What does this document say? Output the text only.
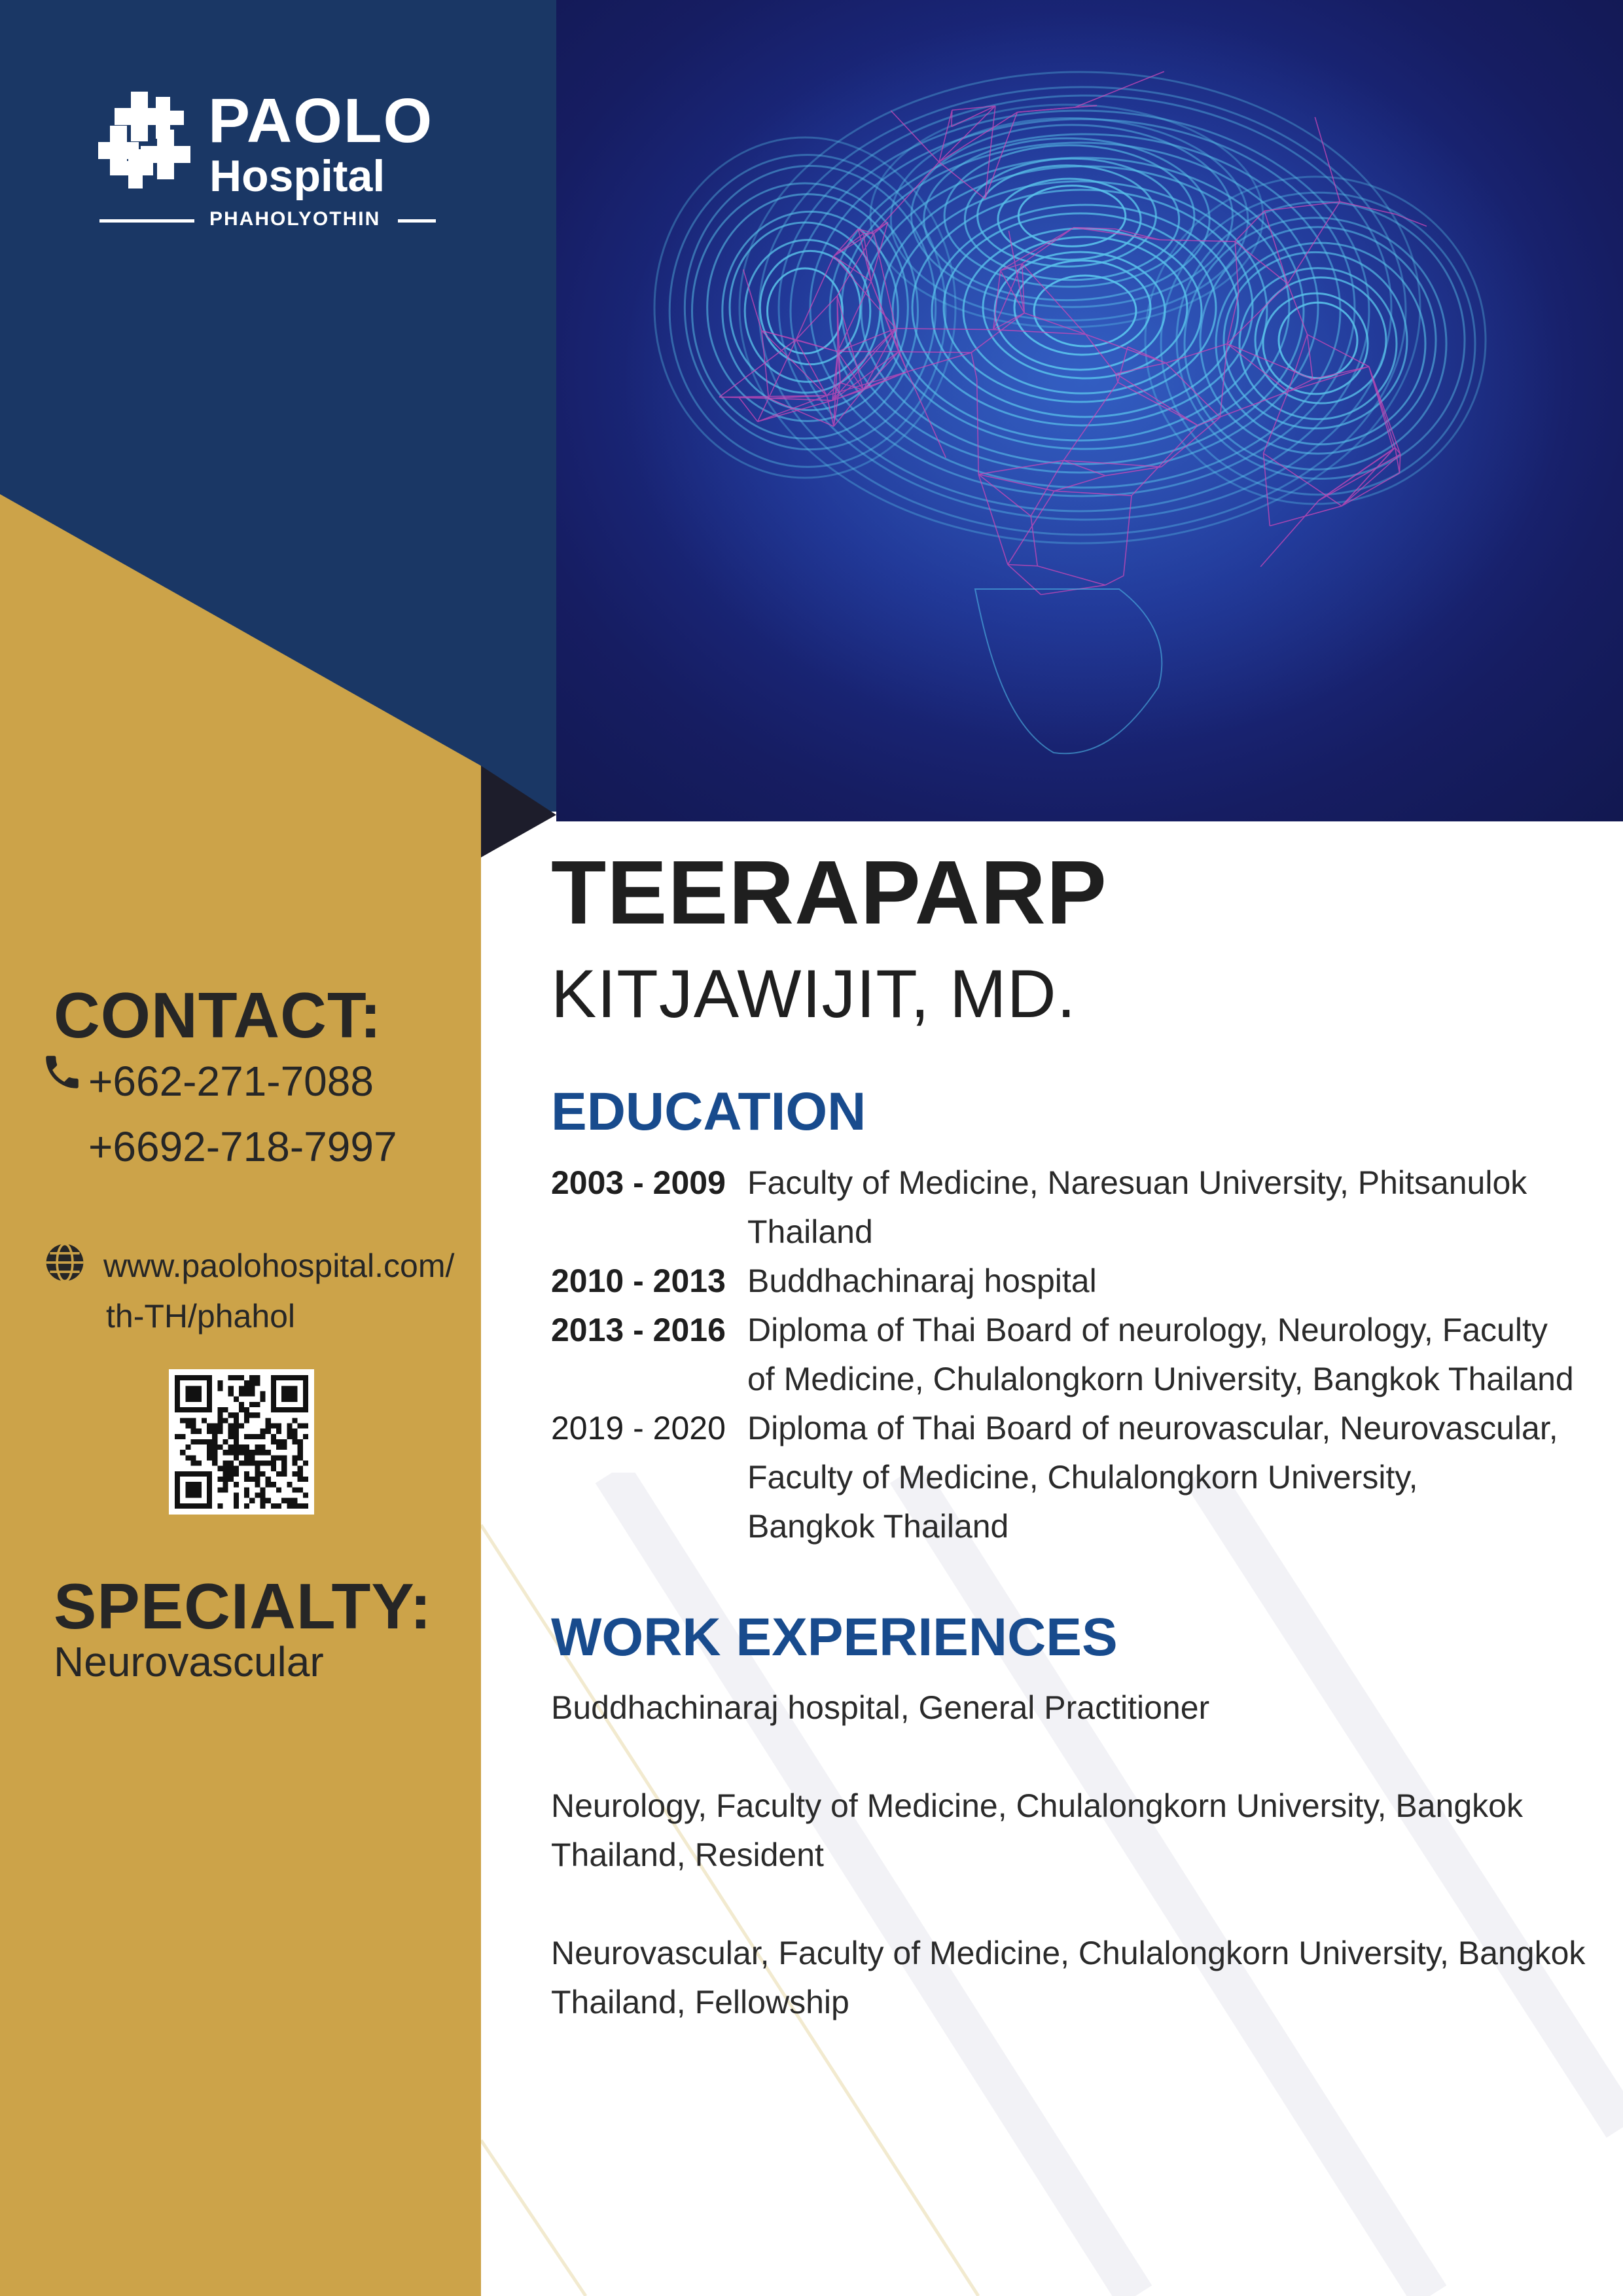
PAOLO
Hospital
PHAHOLYOTHIN
CONTACT:
+662-271-7088
+6692-718-7997
www.paolohospital.com/
th-TH/phahol
SPECIALTY:
Neurovascular
TEERAPARP
KITJAWIJIT, MD.
EDUCATION
2003 - 2009 Faculty of Medicine, Naresuan University, Phitsanulok
Thailand
2010 - 2013 Buddhachinaraj hospital
2013 - 2016 Diploma of Thai Board of neurology, Neurology, Faculty
of Medicine, Chulalongkorn University, Bangkok Thailand
2019 - 2020 Diploma of Thai Board of neurovascular, Neurovascular,
Faculty of Medicine, Chulalongkorn University,
Bangkok Thailand
WORK EXPERIENCES
Buddhachinaraj hospital, General Practitioner
Neurology, Faculty of Medicine, Chulalongkorn University, Bangkok
Thailand, Resident
Neurovascular, Faculty of Medicine, Chulalongkorn University, Bangkok
Thailand, Fellowship
